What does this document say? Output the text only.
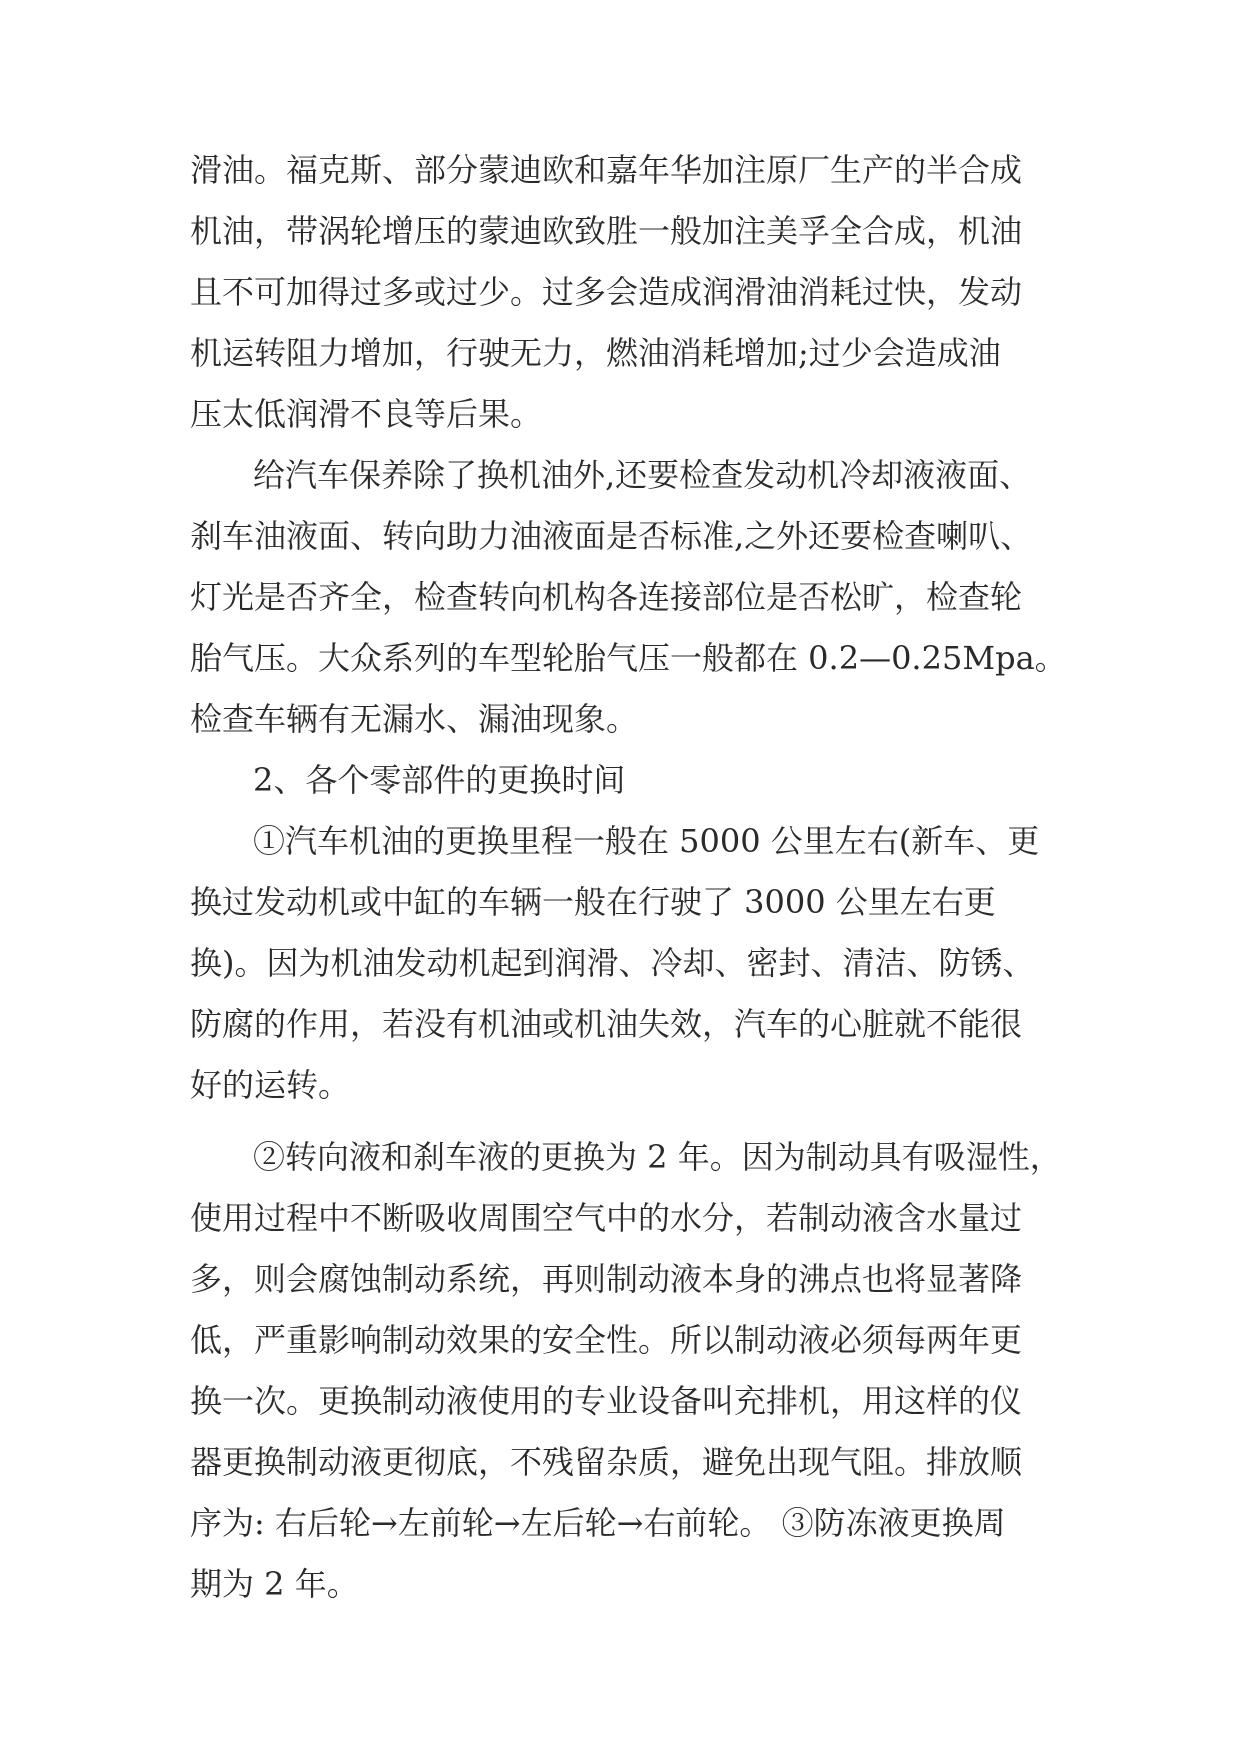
滑油。福克斯、部分蒙迪欧和嘉年华加注原厂生产的半合成
机油，带涡轮增压的蒙迪欧致胜一般加注美孚全合成，机油
且不可加得过多或过少。过多会造成润滑油消耗过快，发动
机运转阻力增加，行驶无力，燃油消耗增加;过少会造成油
压太低润滑不良等后果。
给汽车保养除了换机油外,还要检查发动机冷却液液面、
刹车油液面、转向助力油液面是否标准,之外还要检查喇叭、
灯光是否齐全，检查转向机构各连接部位是否松旷，检查轮
胎气压。大众系列的车型轮胎气压一般都在 0.2—0.25Mpa。
检查车辆有无漏水、漏油现象。
2、各个零部件的更换时间
①汽车机油的更换里程一般在 5000 公里左右(新车、更
换过发动机或中缸的车辆一般在行驶了 3000 公里左右更
换)。因为机油发动机起到润滑、冷却、密封、清洁、防锈、
防腐的作用，若没有机油或机油失效，汽车的心脏就不能很
好的运转。
②转向液和刹车液的更换为 2 年。因为制动具有吸湿性，
使用过程中不断吸收周围空气中的水分，若制动液含水量过
多，则会腐蚀制动系统，再则制动液本身的沸点也将显著降
低，严重影响制动效果的安全性。所以制动液必须每两年更
换一次。更换制动液使用的专业设备叫充排机，用这样的仪
器更换制动液更彻底，不残留杂质，避免出现气阻。排放顺
序为: 右后轮→左前轮→左后轮→右前轮。 ③防冻液更换周
期为 2 年。
